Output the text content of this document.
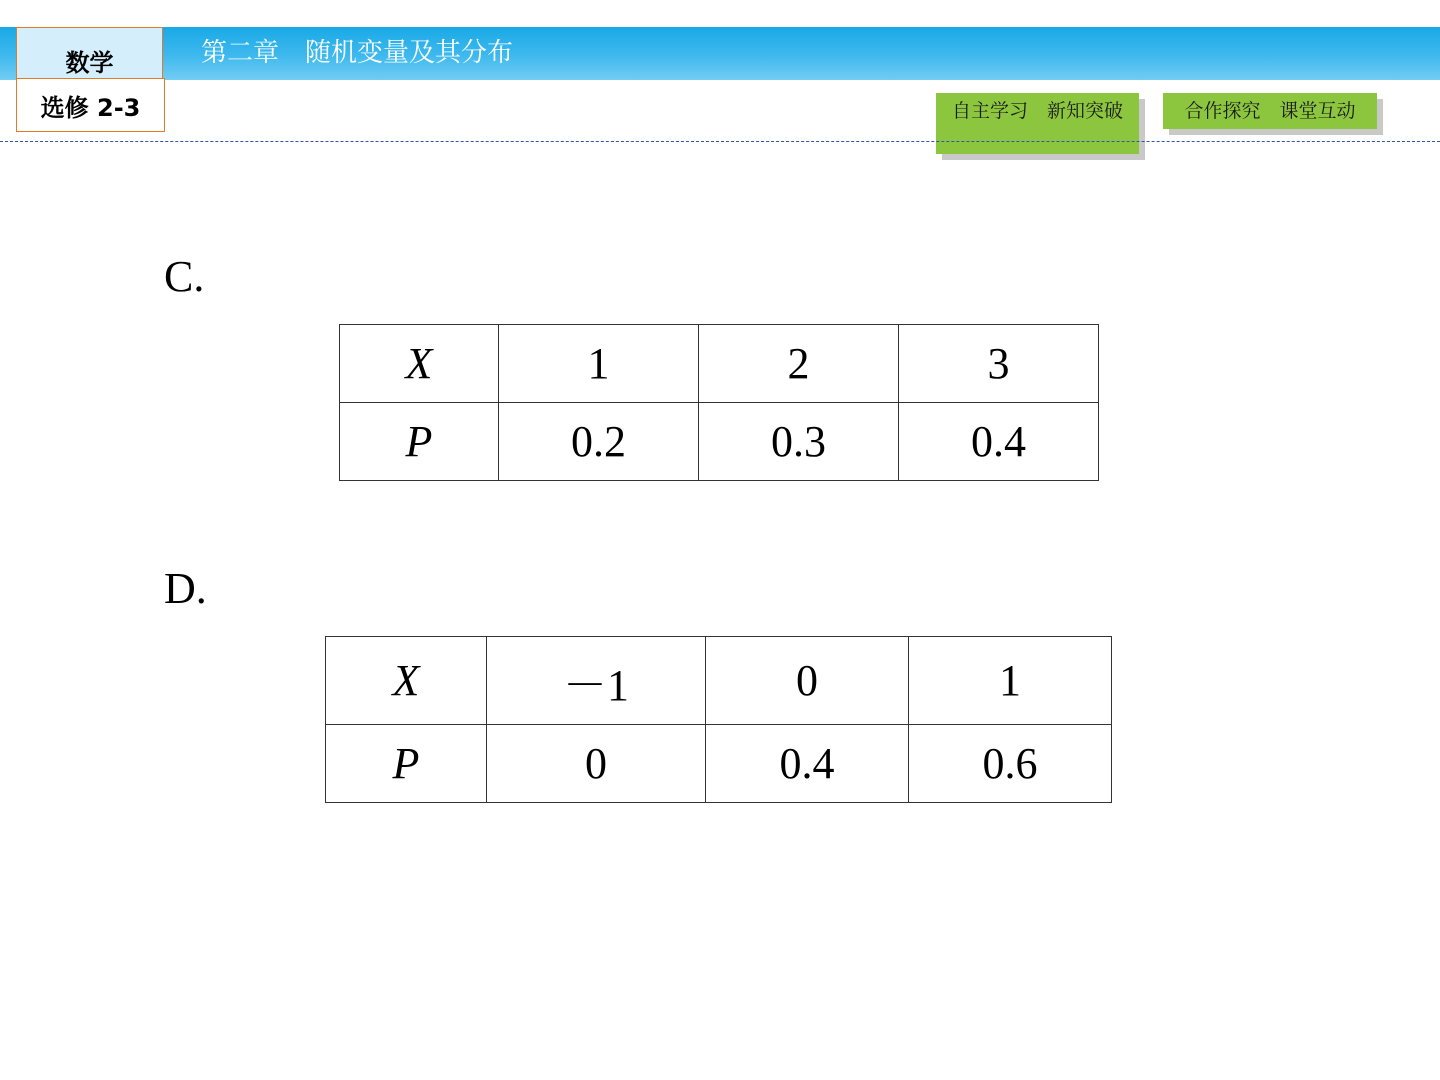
第二章　随机变量及其分布
数学
选修 2-3	自主学习　新知突破	合作探究　课堂互动
C.
X	1	2	3
P	0.2	0.3	0.4
D.
X	－1	0	1
P	0	0.4	0.6
